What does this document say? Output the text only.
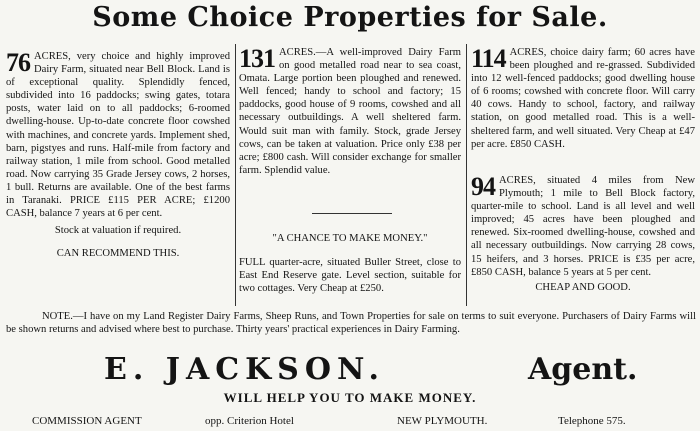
Some Choice Properties for Sale.
76 ACRES, very choice and highly improved Dairy Farm, situated near Bell Block. Land is of exceptional quality. Splendidly fenced, subdivided into 16 paddocks; swing gates, totara posts, water laid on to all paddocks; 6-roomed dwelling-house. Up-to-date concrete floor cowshed with machines, and concrete yards. Implement shed, barn, pigstyes and runs. Half-mile from factory and railway station, 1 mile from school. Good metalled road. Now carrying 35 Grade Jersey cows, 2 horses, 1 bull. Returns are available. One of the best farms in Taranaki. PRICE £115 PER ACRE; £1200 CASH, balance 7 years at 6 per cent.

Stock at valuation if required.

CAN RECOMMEND THIS.

131 ACRES.—A well-improved Dairy Farm on good metalled road near to sea coast, Omata. Large portion been ploughed and renewed. Well fenced; handy to school and factory; 15 paddocks, good house of 9 rooms, cowshed and all necessary outbuildings. A well sheltered farm. Would suit man with family. Stock, grade Jersey cows, can be taken at valuation. Price only £38 per acre; £800 cash. Will consider exchange for smaller farm. Splendid value.
"A CHANCE TO MAKE MONEY."
FULL quarter-acre, situated Buller Street, close to East End Reserve gate. Level section, suitable for two cottages. Very Cheap at £250.
114 ACRES, choice dairy farm; 60 acres have been ploughed and re-grassed. Subdivided into 12 well-fenced paddocks; good dwelling house of 6 rooms; cowshed with concrete floor. Will carry 40 cows. Handy to school, factory, and railway station, on good metalled road. This is a well-sheltered farm, and well situated. Very Cheap at £47 per acre. £850 CASH.
94 ACRES, situated 4 miles from New Plymouth; 1 mile to Bell Block factory, quarter-mile to school. Land is all level and well improved; 45 acres have been ploughed and renewed. Six-roomed dwelling-house, cowshed and all necessary outbuildings. Now carrying 28 cows, 15 heifers, and 3 horses. PRICE is £35 per acre, £850 CASH, balance 5 years at 5 per cent.

CHEAP AND GOOD.

NOTE.—I have on my Land Register Dairy Farms, Sheep Runs, and Town Properties for sale on terms to suit everyone. Purchasers of Dairy Farms will be shown returns and advised where best to purchase. Thirty years' practical experiences in Dairy Farming.
E. JACKSON.	Agent.
WILL HELP YOU TO MAKE MONEY.
COMMISSION AGENT	opp. Criterion Hotel	NEW PLYMOUTH.	Telephone 575.
